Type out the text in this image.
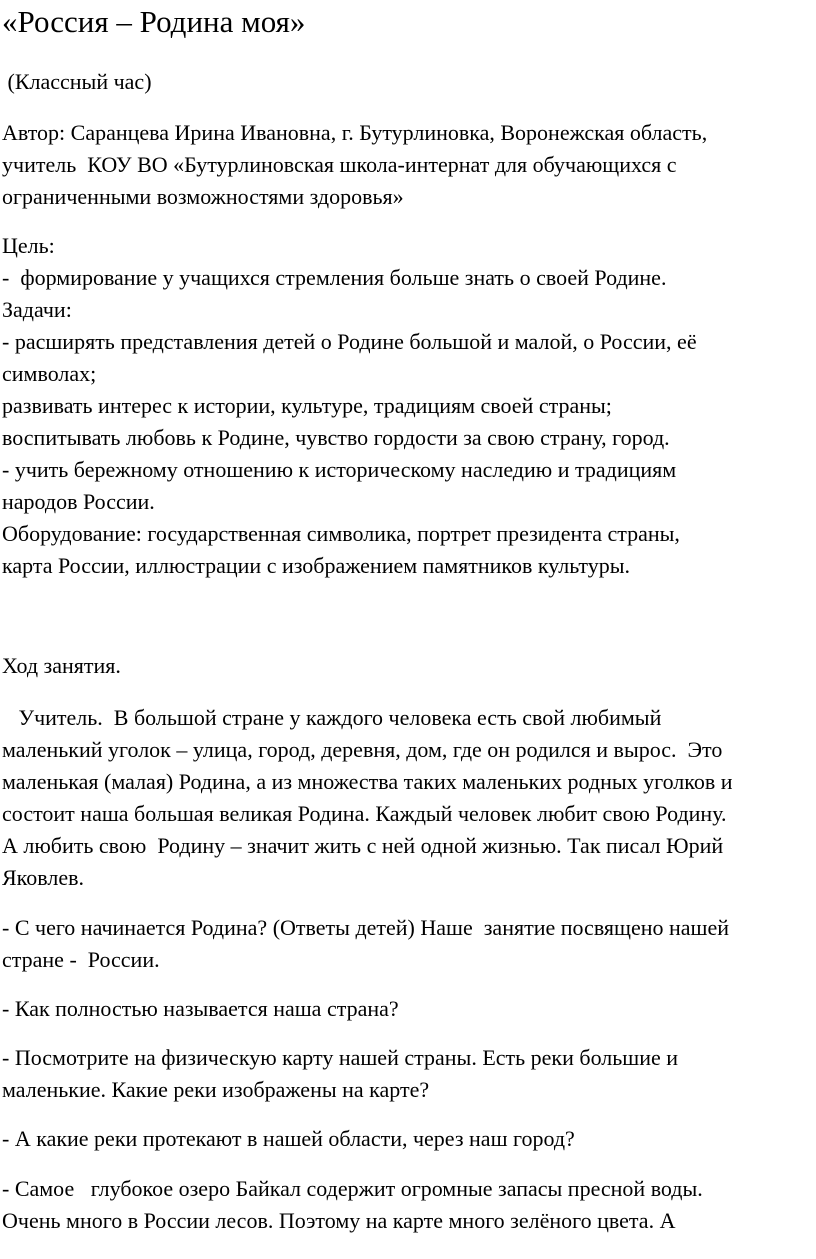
«Россия – Родина моя»
(Классный час)
Автор: Саранцева Ирина Ивановна, г. Бутурлиновка, Воронежская область,
учитель  КОУ ВО «Бутурлиновская школа-интернат для обучающихся с
ограниченными возможностями здоровья»
Цель:
-  формирование у учащихся стремления больше знать о своей Родине.
Задачи:
- расширять представления детей о Родине большой и малой, о России, её
символах;
развивать интерес к истории, культуре, традициям своей страны;
воспитывать любовь к Родине, чувство гордости за свою страну, город.
- учить бережному отношению к историческому наследию и традициям
народов России.
Оборудование: государственная символика, портрет президента страны,
карта России, иллюстрации с изображением памятников культуры.
Ход занятия.
Учитель.  В большой стране у каждого человека есть свой любимый
маленький уголок – улица, город, деревня, дом, где он родился и вырос.  Это
маленькая (малая) Родина, а из множества таких маленьких родных уголков и
состоит наша большая великая Родина. Каждый человек любит свою Родину.
А любить свою  Родину – значит жить с ней одной жизнью. Так писал Юрий
Яковлев.
- С чего начинается Родина? (Ответы детей) Наше  занятие посвящено нашей
стране -  России.
- Как полностью называется наша страна?
- Посмотрите на физическую карту нашей страны. Есть реки большие и
маленькие. Какие реки изображены на карте?
- А какие реки протекают в нашей области, через наш город?
- Самое   глубокое озеро Байкал содержит огромные запасы пресной воды.
Очень много в России лесов. Поэтому на карте много зелёного цвета. А
